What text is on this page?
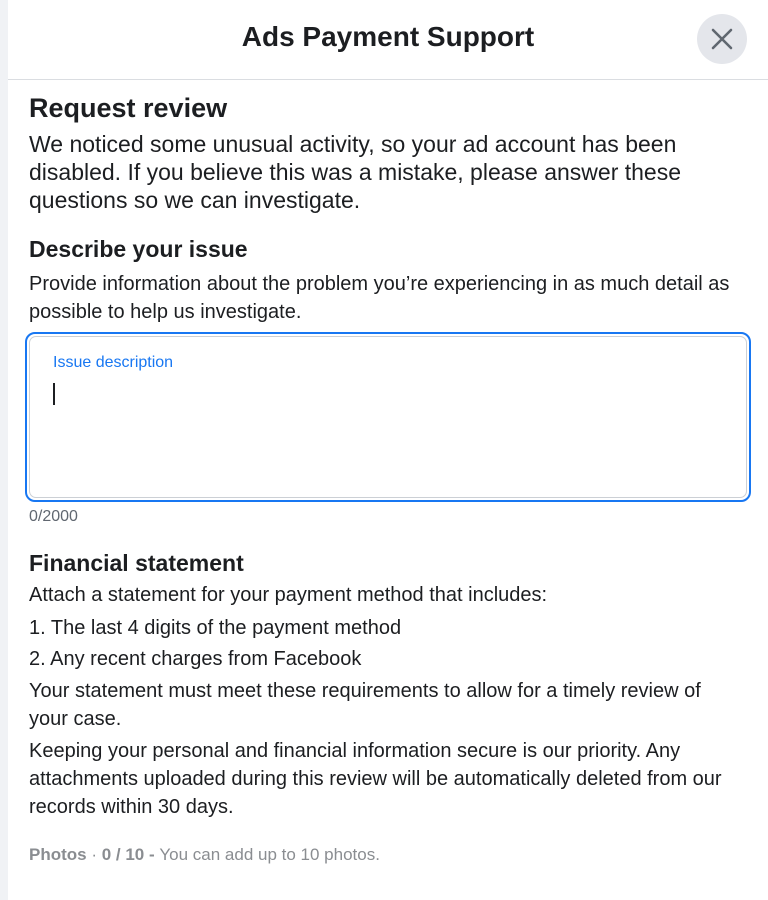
Ads Payment Support
Request review
We noticed some unusual activity, so your ad account has been disabled. If you believe this was a mistake, please answer these questions so we can investigate.
Describe your issue
Provide information about the problem you’re experiencing in as much detail as possible to help us investigate.
Issue description
0/2000
Financial statement
Attach a statement for your payment method that includes:
1. The last 4 digits of the payment method
2. Any recent charges from Facebook
Your statement must meet these requirements to allow for a timely review of your case.
Keeping your personal and financial information secure is our priority. Any attachments uploaded during this review will be automatically deleted from our records within 30 days.
Photos · 0 / 10 - You can add up to 10 photos.
